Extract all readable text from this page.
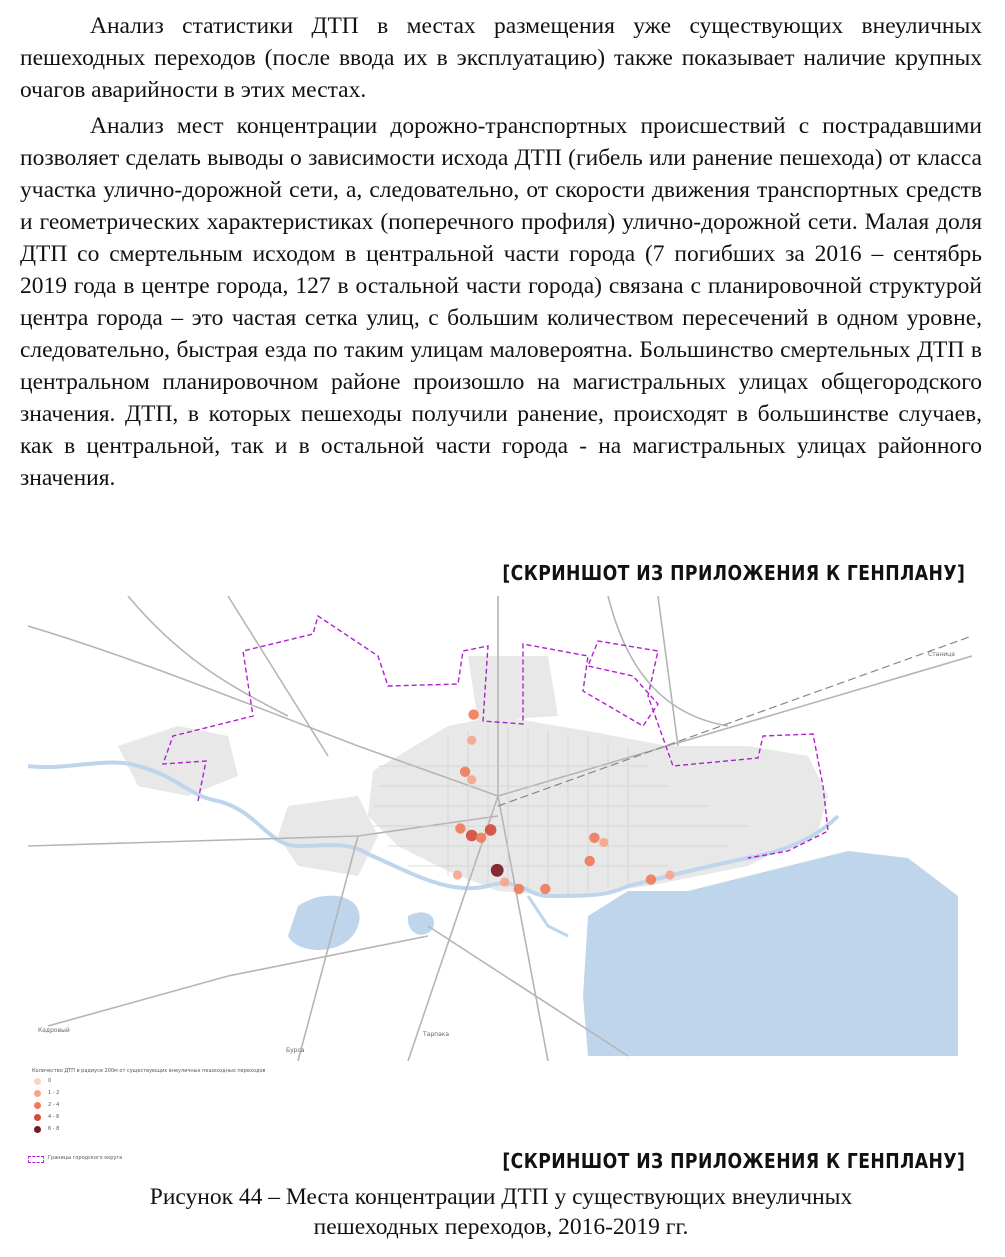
Анализ статистики ДТП в местах размещения уже существующих внеуличных пешеходных переходов (после ввода их в эксплуатацию) также показывает наличие крупных очагов аварийности в этих местах.

Анализ мест концентрации дорожно-транспортных происшествий с пострадавшими позволяет сделать выводы о зависимости исхода ДТП (гибель или ранение пешехода) от класса участка улично-дорожной сети, а, следовательно, от скорости движения транспортных средств и геометрических характеристиках (поперечного профиля) улично-дорожной сети. Малая доля ДТП со смертельным исходом в центральной части города (7 погибших за 2016 – сентябрь 2019 года в центре города, 127 в остальной части города) связана с планировочной структурой центра города – это частая сетка улиц, с большим количеством пересечений в одном уровне, следовательно, быстрая езда по таким улицам маловероятна. Большинство смертельных ДТП в центральном планировочном районе произошло на магистральных улицах общегородского значения. ДТП, в которых пешеходы получили ранение, происходят в большинстве случаев, как в центральной, так и в остальной части города - на магистральных улицах районного значения.

[СКРИНШОТ ИЗ ПРИЛОЖЕНИЯ К ГЕНПЛАНУ]
Кадровый
Бурса
Тарпака
Станица
Количество ДТП в радиусе 200м от существующих внеуличных пешеходных переходов
0
1 - 2
2 - 4
4 - 6
6 - 8
Границы городского округа	[СКРИНШОТ ИЗ ПРИЛОЖЕНИЯ К ГЕНПЛАНУ]
Рисунок 44 – Места концентрации ДТП у существующих внеуличных
пешеходных переходов, 2016-2019 гг.
